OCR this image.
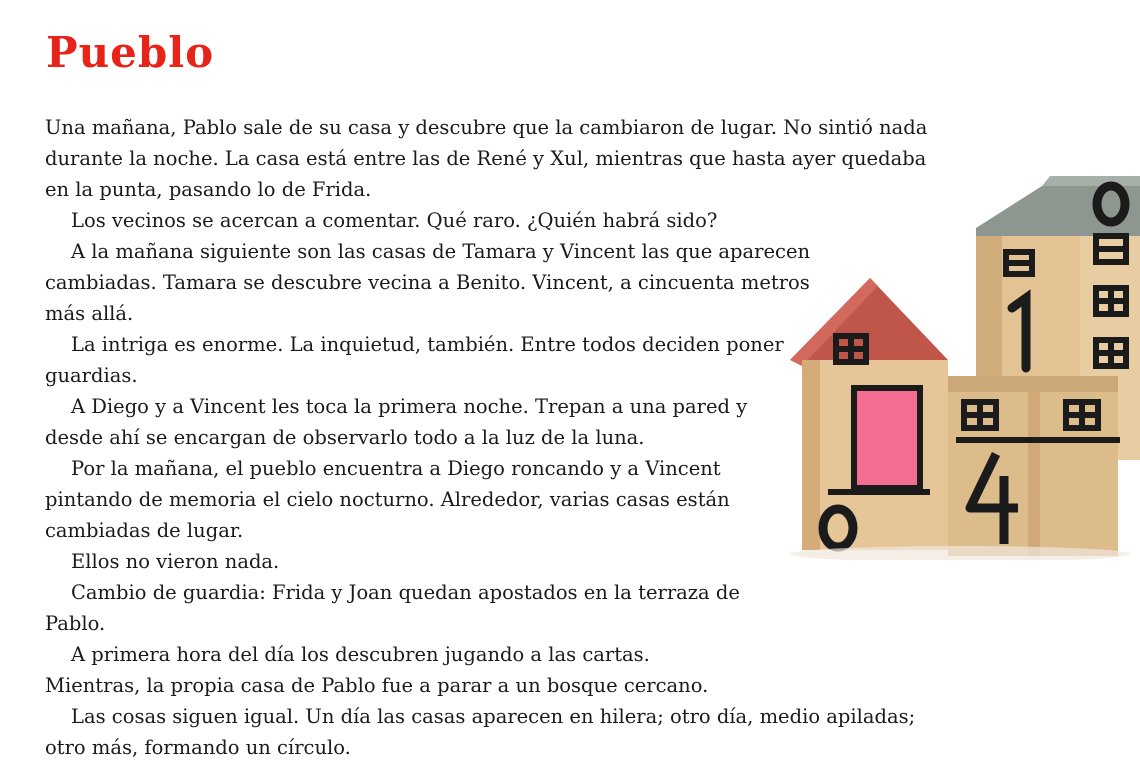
Pueblo

Una mañana, Pablo sale de su casa y descubre que la cambiaron de lugar. No sintió nada durante la noche. La casa está entre las de René y Xul, mientras que hasta ayer quedaba en la punta, pasando lo de Frida.

Los vecinos se acercan a comentar. Qué raro. ¿Quién habrá sido?

A la mañana siguiente son las casas de Tamara y Vincent las que aparecen cambiadas. Tamara se descubre vecina a Benito. Vincent, a cincuenta metros más allá.

La intriga es enorme. La inquietud, también. Entre todos deciden poner guardias.

A Diego y a Vincent les toca la primera noche. Trepan a una pared y desde ahí se encargan de observarlo todo a la luz de la luna.

Por la mañana, el pueblo encuentra a Diego roncando y a Vincent pintando de memoria el cielo nocturno. Alrededor, varias casas están cambiadas de lugar.

Ellos no vieron nada.

Cambio de guardia: Frida y Joan quedan apostados en la terraza de Pablo.

A primera hora del día los descubren jugando a las cartas. Mientras, la propia casa de Pablo fue a parar a un bosque cercano.

Las cosas siguen igual. Un día las casas aparecen en hilera; otro día, medio apiladas; otro más, formando un círculo.
